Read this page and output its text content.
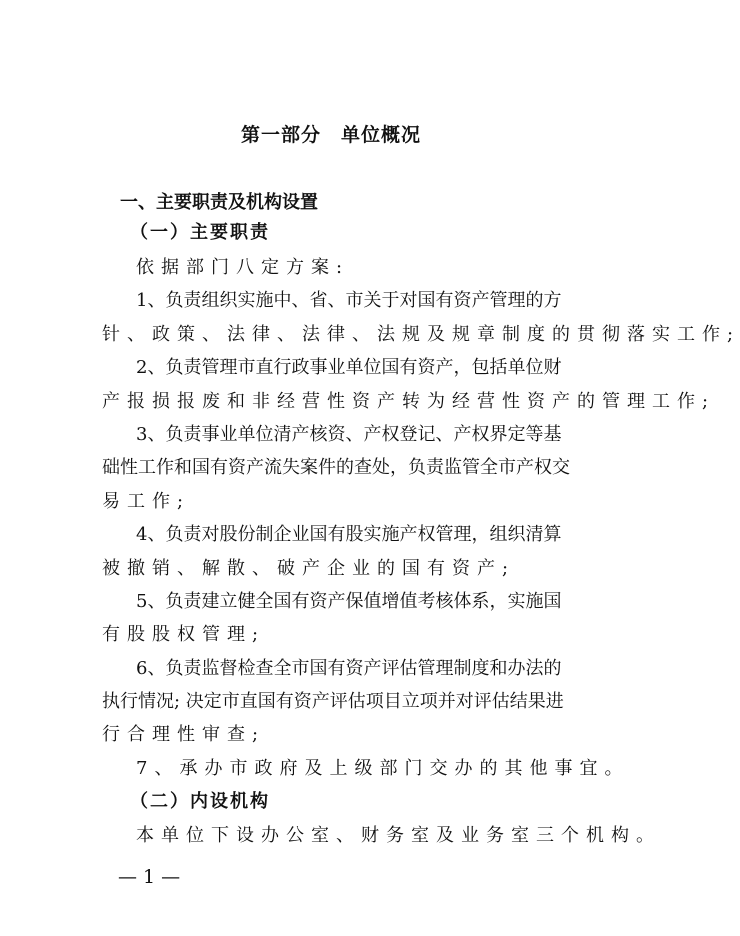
第一部分　单位概况
一、主要职责及机构设置
（一）主要职责
依据部门八定方案:
1、负责组织实施中、省、市关于对国有资产管理的方
针、政策、法律、法律、法规及规章制度的贯彻落实工作;
2、负责管理市直行政事业单位国有资产，包括单位财
产报损报废和非经营性资产转为经营性资产的管理工作;
3、负责事业单位清产核资、产权登记、产权界定等基
础性工作和国有资产流失案件的查处，负责监管全市产权交
易工作;
4、负责对股份制企业国有股实施产权管理，组织清算
被撤销、解散、破产企业的国有资产;
5、负责建立健全国有资产保值增值考核体系，实施国
有股股权管理;
6、负责监督检查全市国有资产评估管理制度和办法的
执行情况; 决定市直国有资产评估项目立项并对评估结果进
行合理性审查;
7、承办市政府及上级部门交办的其他事宜。
（二）内设机构
本单位下设办公室、财务室及业务室三个机构。
— 1 —
